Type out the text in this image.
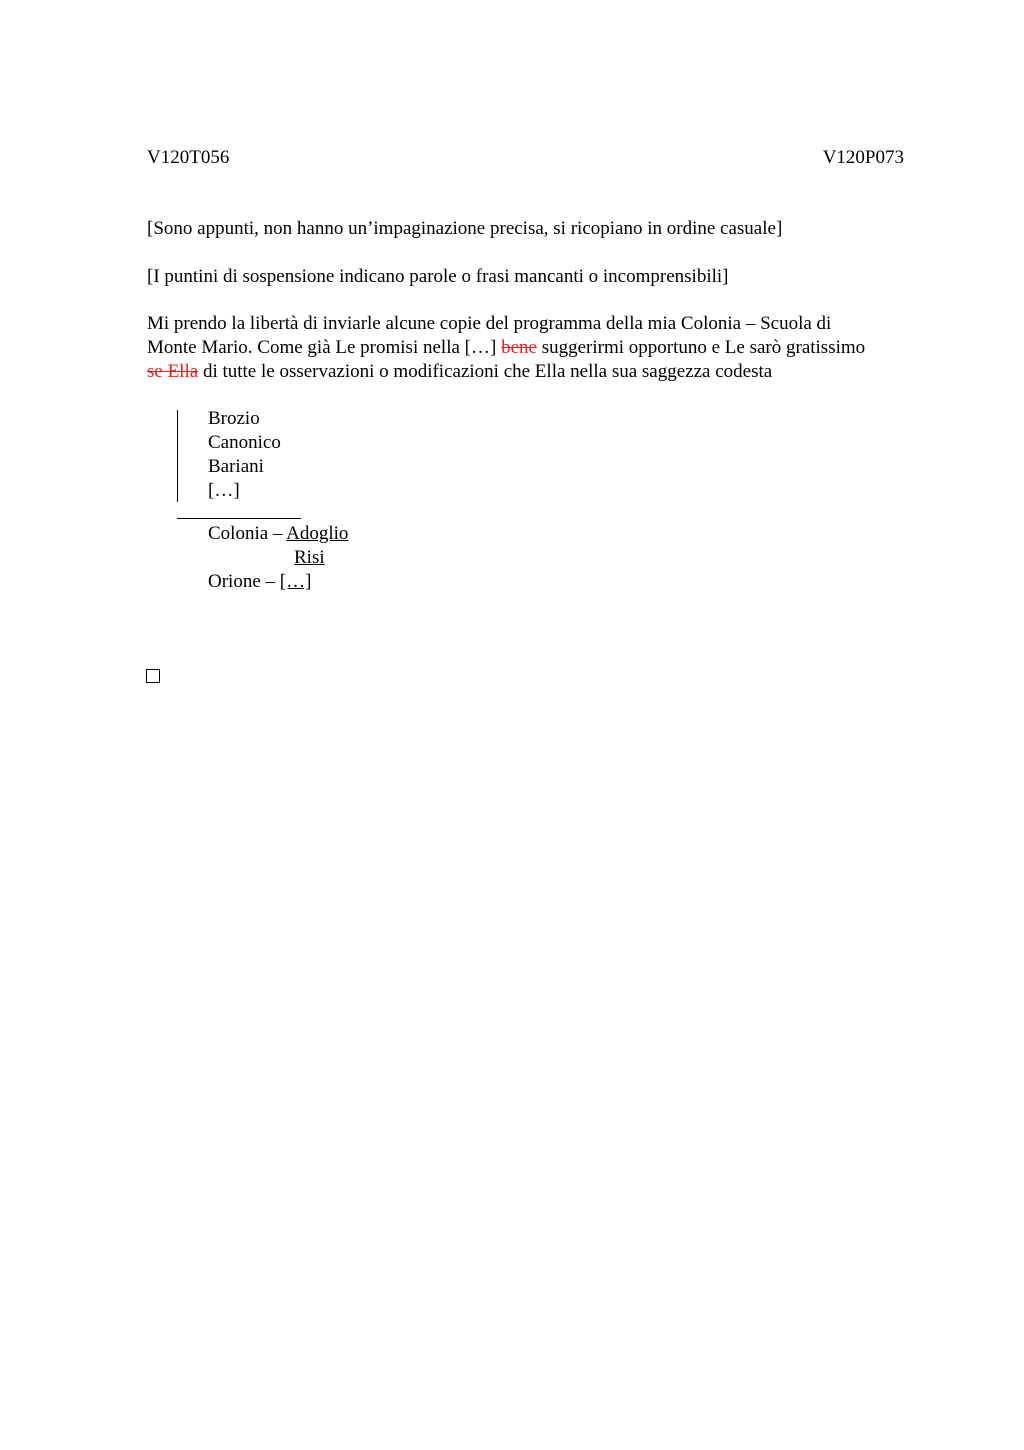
V120T056	V120P073
[Sono appunti, non hanno un’impaginazione precisa, si ricopiano in ordine casuale]
[I puntini di sospensione indicano parole o frasi mancanti o incomprensibili]
Mi prendo la libertà di inviarle alcune copie del programma della mia Colonia – Scuola di
Monte Mario. Come già Le promisi nella […] bene suggerirmi opportuno e Le sarò gratissimo
se Ella di tutte le osservazioni o modificazioni che Ella nella sua saggezza codesta
Brozio
Canonico
Bariani
[…]
Colonia – Adoglio
Risi
Orione – […]
